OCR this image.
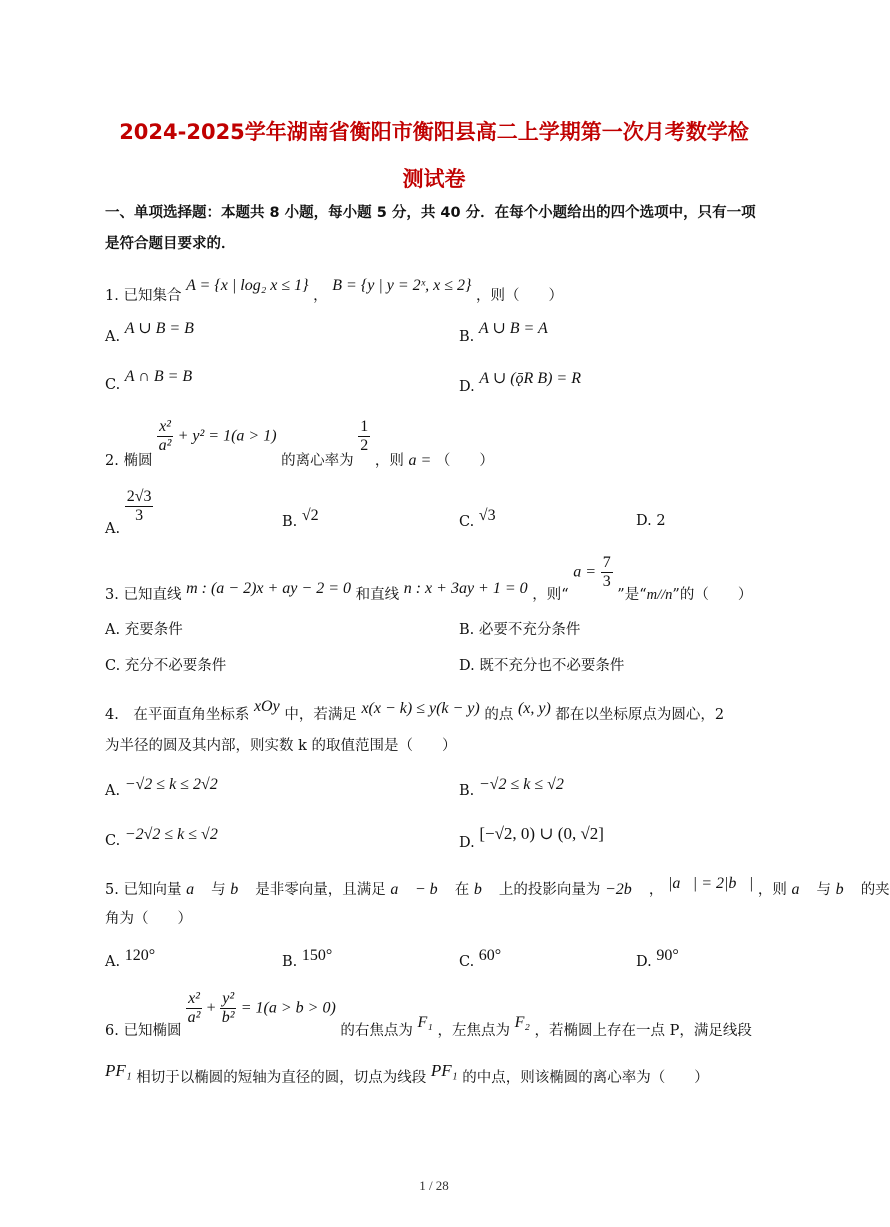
2024-2025学年湖南省衡阳市衡阳县高二上学期第一次月考数学检
测试卷
一、单项选择题：本题共 8 小题，每小题 5 分，共 40 分．在每个小题给出的四个选项中，只有一项是符合题目要求的．
1. 已知集合 A = {x | log₂ x ≤ 1} ， B = {y | y = 2ˣ, x ≤ 2} ，则（　　）
A. A ∪ B = B	B. A ∪ B = A
C. A ∩ B = B
D. A ∪ (ǭR B) = R
2. 椭圆
$\frac{\text{x²}}{\text{a²}} + y^2 = 1(a > 1)$ 的离心率为
$\frac{1}{2}$
，则 a = （　　）
A.
$\frac{2√3}{3}$	B. √2	C. √3	D. 2
3. 已知直线 m : (a − 2)x + ay − 2 = 0 和直线 n : x + 3ay + 1 = 0 ，则“ $a = \frac{7}{3}$
”是“m//n”的（　　）
A. 充要条件	B. 必要不充分条件
C. 充分不必要条件	D. 既不充分也不必要条件
4.　在平面直角坐标系 xOy 中，若满足 x(x − k) ≤ y(k − y) 的点 (x, y) 都在以坐标原点为圆心，2
为半径的圆及其内部，则实数 k 的取值范围是（　　）
A. −√2 ≤ k ≤ 2√2	B. −√2 ≤ k ≤ √2
C. −2√2 ≤ k ≤ √2	D. [−√2, 0) ∪ (0, √2]
5. 已知向量 a⃗ 与 b⃗ 是非零向量，且满足 a⃗ − b⃗ 在 b⃗ 上的投影向量为 −2b⃗ ， |a⃗| = 2|b⃗| ，则 a⃗ 与 b⃗ 的夹
角为（　　）
A. 120°	B. 150°	C. 60°	D. 90°
6. 已知椭圆
$\frac{\text{x²}}{\text{a²}} + \frac{\text{y²}}{\text{b²}} = 1(a > b > 0)$ 的右焦点为 F₁ ，左焦点为 F₂ ，若椭圆上存在一点 P，满足线段
PF₁ 相切于以椭圆的短轴为直径的圆，切点为线段 PF₁ 的中点，则该椭圆的离心率为（　　）
1 / 28
